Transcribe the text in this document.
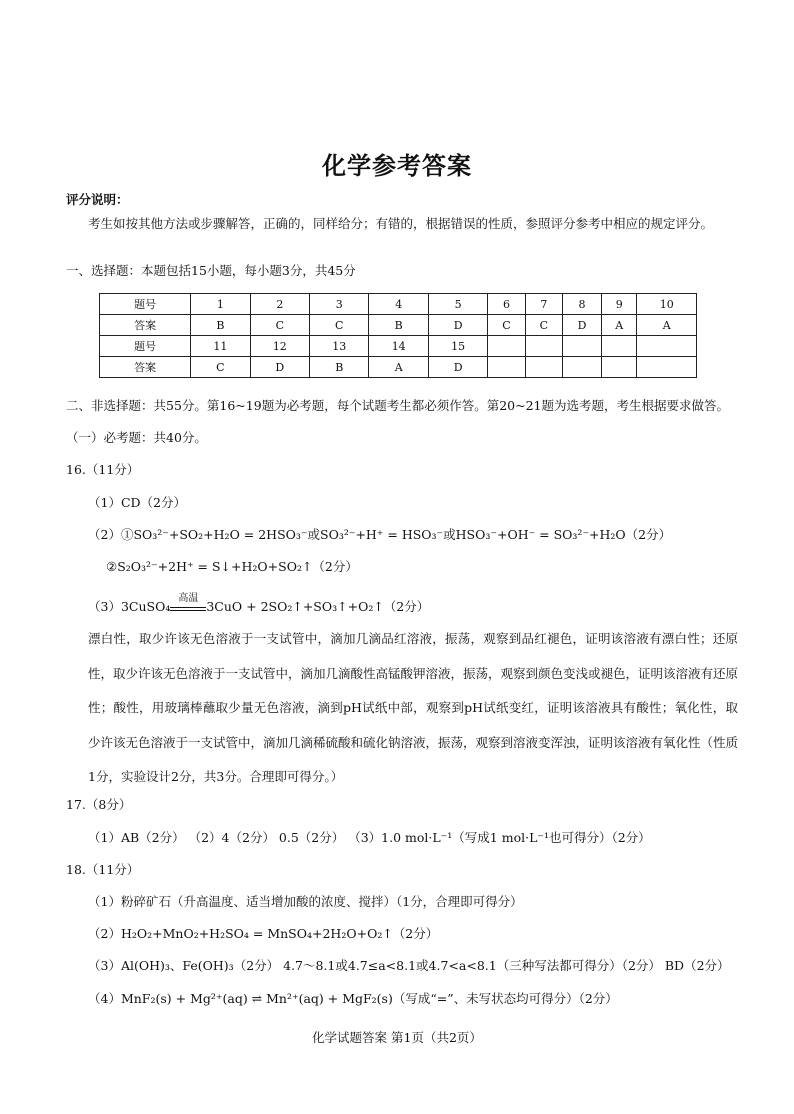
化学参考答案
评分说明：
考生如按其他方法或步骤解答，正确的，同样给分；有错的，根据错误的性质，参照评分参考中相应的规定评分。
一、选择题：本题包括15小题，每小题3分，共45分
题号	1	2	3	4	5	6	7	8	9	10
答案	B	C	C	B	D	C	C	D	A	A
题号	11	12	13	14	15					
答案	C	D	B	A	D					
二、非选择题：共55分。第16~19题为必考题，每个试题考生都必须作答。第20~21题为选考题，考生根据要求做答。
（一）必考题：共40分。
16.（11分）
（1）CD（2分）
（2）①SO₃²⁻+SO₂+H₂O = 2HSO₃⁻或SO₃²⁻+H⁺ = HSO₃⁻或HSO₃⁻+OH⁻ = SO₃²⁻+H₂O（2分）
②S₂O₃²⁻+2H⁺ = S↓+H₂O+SO₂↑（2分）
（3）3CuSO₄
高温
3CuO + 2SO₂↑+SO₃↑+O₂↑（2分）
漂白性，取少许该无色溶液于一支试管中，滴加几滴品红溶液，振荡，观察到品红褪色，证明该溶液有漂白性；还原性，取少许该无色溶液于一支试管中，滴加几滴酸性高锰酸钾溶液，振荡，观察到颜色变浅或褪色，证明该溶液有还原性；酸性，用玻璃棒蘸取少量无色溶液，滴到pH试纸中部，观察到pH试纸变红，证明该溶液具有酸性；氧化性，取少许该无色溶液于一支试管中，滴加几滴稀硫酸和硫化钠溶液，振荡，观察到溶液变浑浊，证明该溶液有氧化性（性质1分，实验设计2分，共3分。合理即可得分。）
17.（8分）
（1）AB（2分） （2）4（2分） 0.5（2分） （3）1.0 mol·L⁻¹（写成1 mol·L⁻¹也可得分）（2分）
18.（11分）
（1）粉碎矿石（升高温度、适当增加酸的浓度、搅拌）（1分，合理即可得分）
（2）H₂O₂+MnO₂+H₂SO₄ = MnSO₄+2H₂O+O₂↑（2分）
（3）Al(OH)₃、Fe(OH)₃（2分） 4.7～8.1或4.7≤a<8.1或4.7<a<8.1（三种写法都可得分）（2分） BD（2分）
（4）MnF₂(s) + Mg²⁺(aq) ⇌ Mn²⁺(aq) + MgF₂(s)（写成“=”、未写状态均可得分）（2分）
化学试题答案 第1页（共2页）
